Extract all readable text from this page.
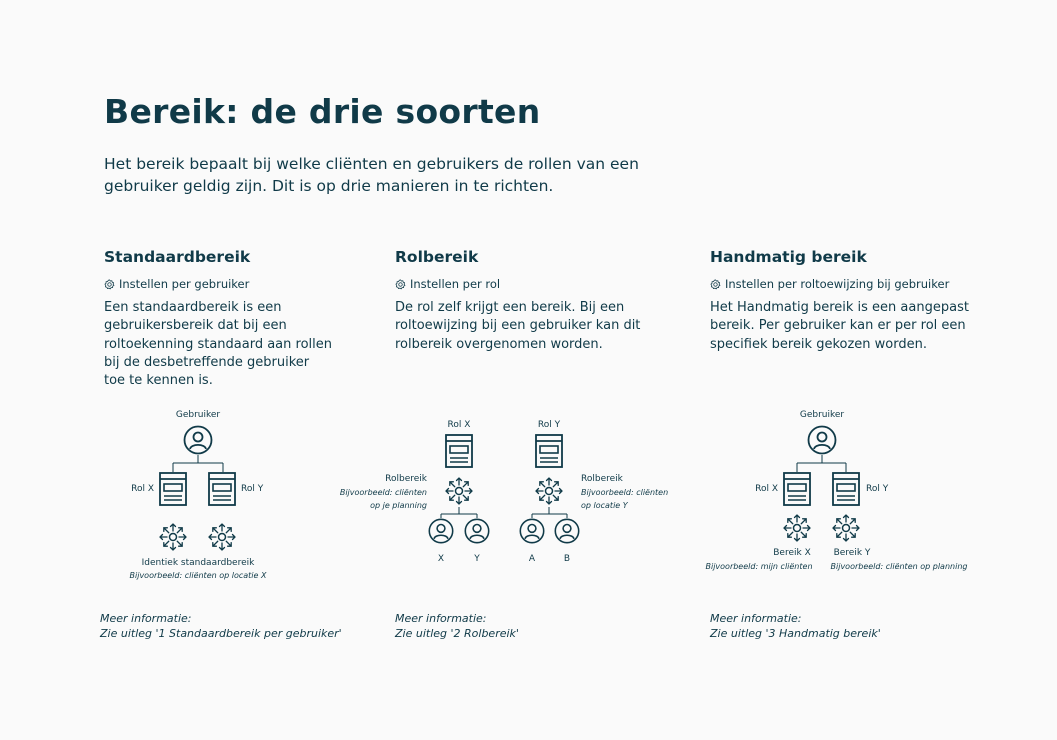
Bereik: de drie soorten

Het bereik bepaalt bij welke cliënten en gebruikers de rollen van een gebruiker geldig zijn. Dit is op drie manieren in te richten.

Standaardbereik
Instellen per gebruiker

Een standaardbereik is een gebruikersbereik dat bij een roltoekenning standaard aan rollen bij de desbetreffende gebruiker toe te kennen is.

Rolbereik
Instellen per rol

De rol zelf krijgt een bereik. Bij een roltoewijzing bij een gebruiker kan dit rolbereik overgenomen worden.

Handmatig bereik
Instellen per roltoewijzing bij gebruiker

Het Handmatig bereik is een aangepast bereik. Per gebruiker kan er per rol een specifiek bereik gekozen worden.

Gebruiker
Rol X	Rol Y
Identiek standaardbereik
Bijvoorbeeld: cliënten op locatie X
Rol X	Rol Y
Rolbereik
Bijvoorbeeld: cliënten
op je planning
Rolbereik
Bijvoorbeeld: cliënten
op locatie Y
X	Y	A	B
Gebruiker
Rol X	Rol Y
Bereik X
Bijvoorbeeld: mijn cliënten
Bereik Y
Bijvoorbeeld: cliënten op planning
Meer informatie:
Zie uitleg '1 Standaardbereik per gebruiker'
Meer informatie:
Zie uitleg '2 Rolbereik'
Meer informatie:
Zie uitleg '3 Handmatig bereik'
